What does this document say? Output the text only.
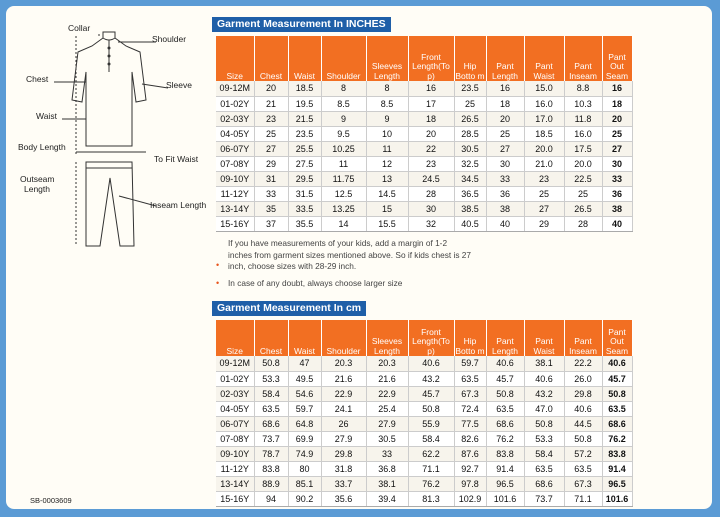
Collar
Shoulder
Chest
Sleeve
Waist
Body Length
To Fit Waist
Outseam
Length
Inseam Length
Garment Measurement In INCHES
Size	Chest	Waist	Shoulder	Sleeves Length	Front Length(To p)	Hip Botto m	Pant Length	Pant Waist	Pant Inseam	Pant Out Seam
09-12M	20	18.5	8	8	16	23.5	16	15.0	8.8	16
01-02Y	21	19.5	8.5	8.5	17	25	18	16.0	10.3	18
02-03Y	23	21.5	9	9	18	26.5	20	17.0	11.8	20
04-05Y	25	23.5	9.5	10	20	28.5	25	18.5	16.0	25
06-07Y	27	25.5	10.25	11	22	30.5	27	20.0	17.5	27
07-08Y	29	27.5	11	12	23	32.5	30	21.0	20.0	30
09-10Y	31	29.5	11.75	13	24.5	34.5	33	23	22.5	33
11-12Y	33	31.5	12.5	14.5	28	36.5	36	25	25	36
13-14Y	35	33.5	13.25	15	30	38.5	38	27	26.5	38
15-16Y	37	35.5	14	15.5	32	40.5	40	29	28	40
•
If you have measurements of your kids, add a margin of 1-2 inches from garment sizes mentioned above. So if kids chest is 27 inch, choose sizes with 28-29 inch.
• In case of any doubt, always choose larger size
Garment Measurement In cm
Size	Chest	Waist	Shoulder	Sleeves Length	Front Length(To p)	Hip Botto m	Pant Length	Pant Waist	Pant Inseam	Pant Out Seam
09-12M	50.8	47	20.3	20.3	40.6	59.7	40.6	38.1	22.2	40.6
01-02Y	53.3	49.5	21.6	21.6	43.2	63.5	45.7	40.6	26.0	45.7
02-03Y	58.4	54.6	22.9	22.9	45.7	67.3	50.8	43.2	29.8	50.8
04-05Y	63.5	59.7	24.1	25.4	50.8	72.4	63.5	47.0	40.6	63.5
06-07Y	68.6	64.8	26	27.9	55.9	77.5	68.6	50.8	44.5	68.6
07-08Y	73.7	69.9	27.9	30.5	58.4	82.6	76.2	53.3	50.8	76.2
09-10Y	78.7	74.9	29.8	33	62.2	87.6	83.8	58.4	57.2	83.8
11-12Y	83.8	80	31.8	36.8	71.1	92.7	91.4	63.5	63.5	91.4
13-14Y	88.9	85.1	33.7	38.1	76.2	97.8	96.5	68.6	67.3	96.5
15-16Y	94	90.2	35.6	39.4	81.3	102.9	101.6	73.7	71.1	101.6
SB-0003609
